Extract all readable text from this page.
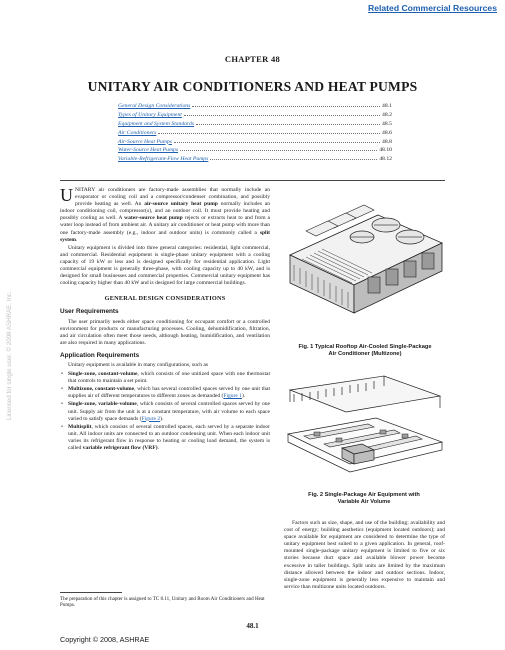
Related Commercial Resources
CHAPTER 48
UNITARY AIR CONDITIONERS AND HEAT PUMPS
General Design Considerations	48.1
Types of Unitary Equipment	48.2
Equipment and System Standards	48.5
Air Conditioners	48.6
Air-Source Heat Pumps	48.8
Water-Source Heat Pumps	48.10
Variable-Refrigerant-Flow Heat Pumps	48.12

UNITARY air conditioners are factory-made assemblies that normally include an evaporator or cooling coil and a compressor/condenser combination, and possibly provide heating as well. An air-source unitary heat pump normally includes an indoor conditioning coil, compressor(s), and an outdoor coil. It must provide heating and possibly cooling as well. A water-source heat pump rejects or extracts heat to and from a water loop instead of from ambient air. A unitary air conditioner or heat pump with more than one factory-made assembly (e.g., indoor and outdoor units) is commonly called a split system.

Unitary equipment is divided into three general categories: residential, light commercial, and commercial. Residential equipment is single-phase unitary equipment with a cooling capacity of 19 kW or less and is designed specifically for residential application. Light commercial equipment is generally three-phase, with cooling capacity up to 40 kW, and is designed for small businesses and commercial properties. Commercial unitary equipment has cooling capacity higher than 40 kW and is designed for large commercial buildings.

GENERAL DESIGN CONSIDERATIONS
User Requirements

The user primarily needs either space conditioning for occupant comfort or a controlled environment for products or manufacturing processes. Cooling, dehumidification, filtration, and air circulation often meet those needs, although heating, humidification, and ventilation are also required in many applications.

Application Requirements

Unitary equipment is available in many configurations, such as

• Single-zone, constant-volume, which consists of one unitized space with one thermostat that controls to maintain a set point.
• Multizone, constant-volume, which has several controlled spaces served by one unit that supplies air of different temperatures to different zones as demanded (Figure 1).
• Single-zone, variable-volume, which consists of several controlled spaces served by one unit. Supply air from the unit is at a constant temperature, with air volume to each space varied to satisfy space demands (Figure 2).
• Multisplit, which consists of several controlled spaces, each served by a separate indoor unit. All indoor units are connected to an outdoor condensing unit. When each indoor unit varies its refrigerant flow in response to heating or cooling load demand, the system is called variable refrigerant flow (VRF).
Fig. 1 Typical Rooftop Air-Cooled Single-Package
Air Conditioner (Multizone)
Fig. 2 Single-Package Air Equipment with
Variable Air Volume

Factors such as size, shape, and use of the building; availability and cost of energy; building aesthetics (equipment located outdoors); and space available for equipment are considered to determine the type of unitary equipment best suited to a given application. In general, roof-mounted single-package unitary equipment is limited to five or six stories because duct space and available blower power become excessive in taller buildings. Split units are limited by the maximum distance allowed between the indoor and outdoor sections. Indoor, single-zone equipment is generally less expensive to maintain and service than multizone units located outdoors.

The preparation of this chapter is assigned to TC 8.11, Unitary and Room Air Conditioners and Heat Pumps.
48.1
Copyright © 2008, ASHRAE
Licensed for single user. © 2008 ASHRAE, Inc.
